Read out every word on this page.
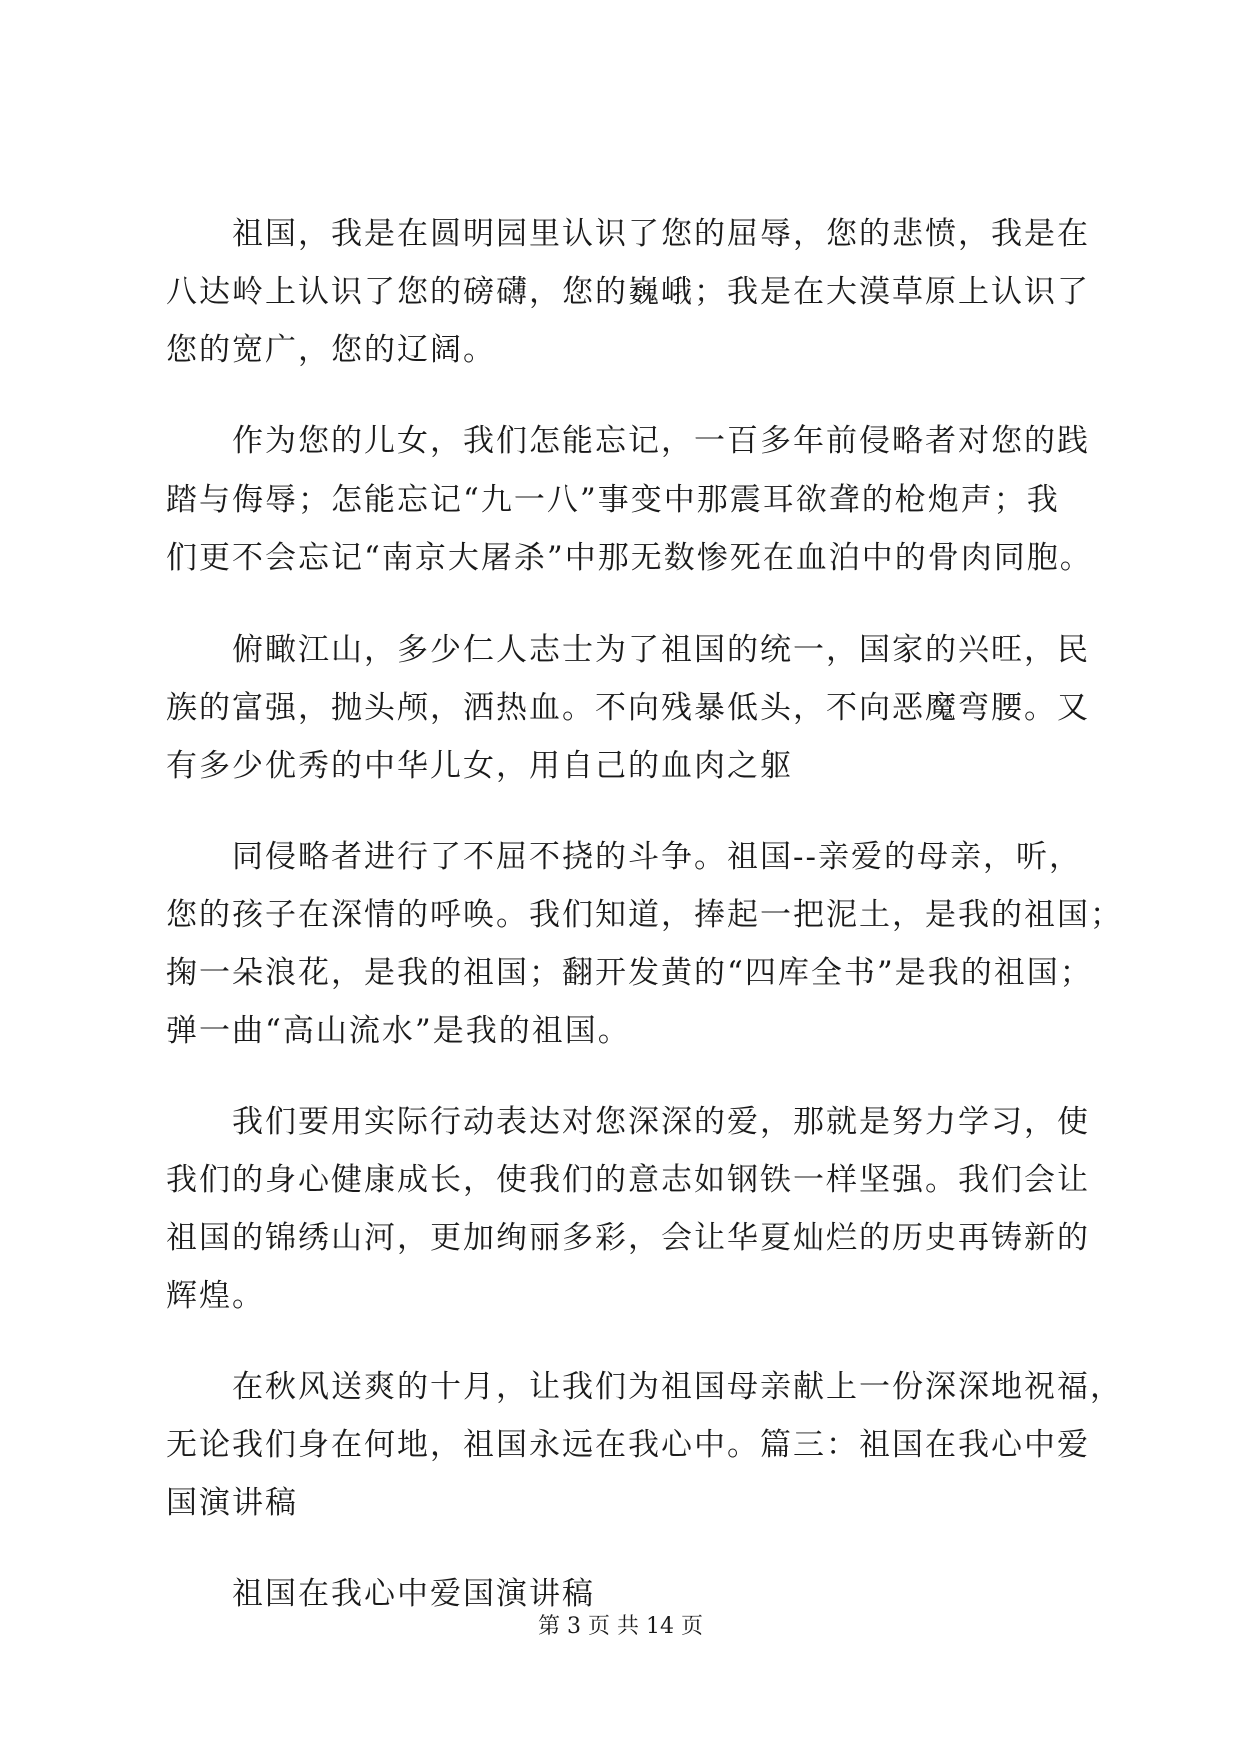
　　祖国，我是在圆明园里认识了您的屈辱，您的悲愤，我是在
八达岭上认识了您的磅礴，您的巍峨；我是在大漠草原上认识了
您的宽广，您的辽阔。
　　作为您的儿女，我们怎能忘记，一百多年前侵略者对您的践
踏与侮辱；怎能忘记“九一八”事变中那震耳欲聋的枪炮声；我
们更不会忘记“南京大屠杀”中那无数惨死在血泊中的骨肉同胞。
　　俯瞰江山，多少仁人志士为了祖国的统一，国家的兴旺，民
族的富强，抛头颅，洒热血。不向残暴低头，不向恶魔弯腰。又
有多少优秀的中华儿女，用自己的血肉之躯
　　同侵略者进行了不屈不挠的斗争。祖国--亲爱的母亲，听，
您的孩子在深情的呼唤。我们知道，捧起一把泥土，是我的祖国；
掬一朵浪花，是我的祖国；翻开发黄的“四库全书”是我的祖国；
弹一曲“高山流水”是我的祖国。
　　我们要用实际行动表达对您深深的爱，那就是努力学习，使
我们的身心健康成长，使我们的意志如钢铁一样坚强。我们会让
祖国的锦绣山河，更加绚丽多彩，会让华夏灿烂的历史再铸新的
辉煌。
　　在秋风送爽的十月，让我们为祖国母亲献上一份深深地祝福，
无论我们身在何地，祖国永远在我心中。篇三：祖国在我心中爱
国演讲稿
　　祖国在我心中爱国演讲稿
第 3 页 共 14 页
